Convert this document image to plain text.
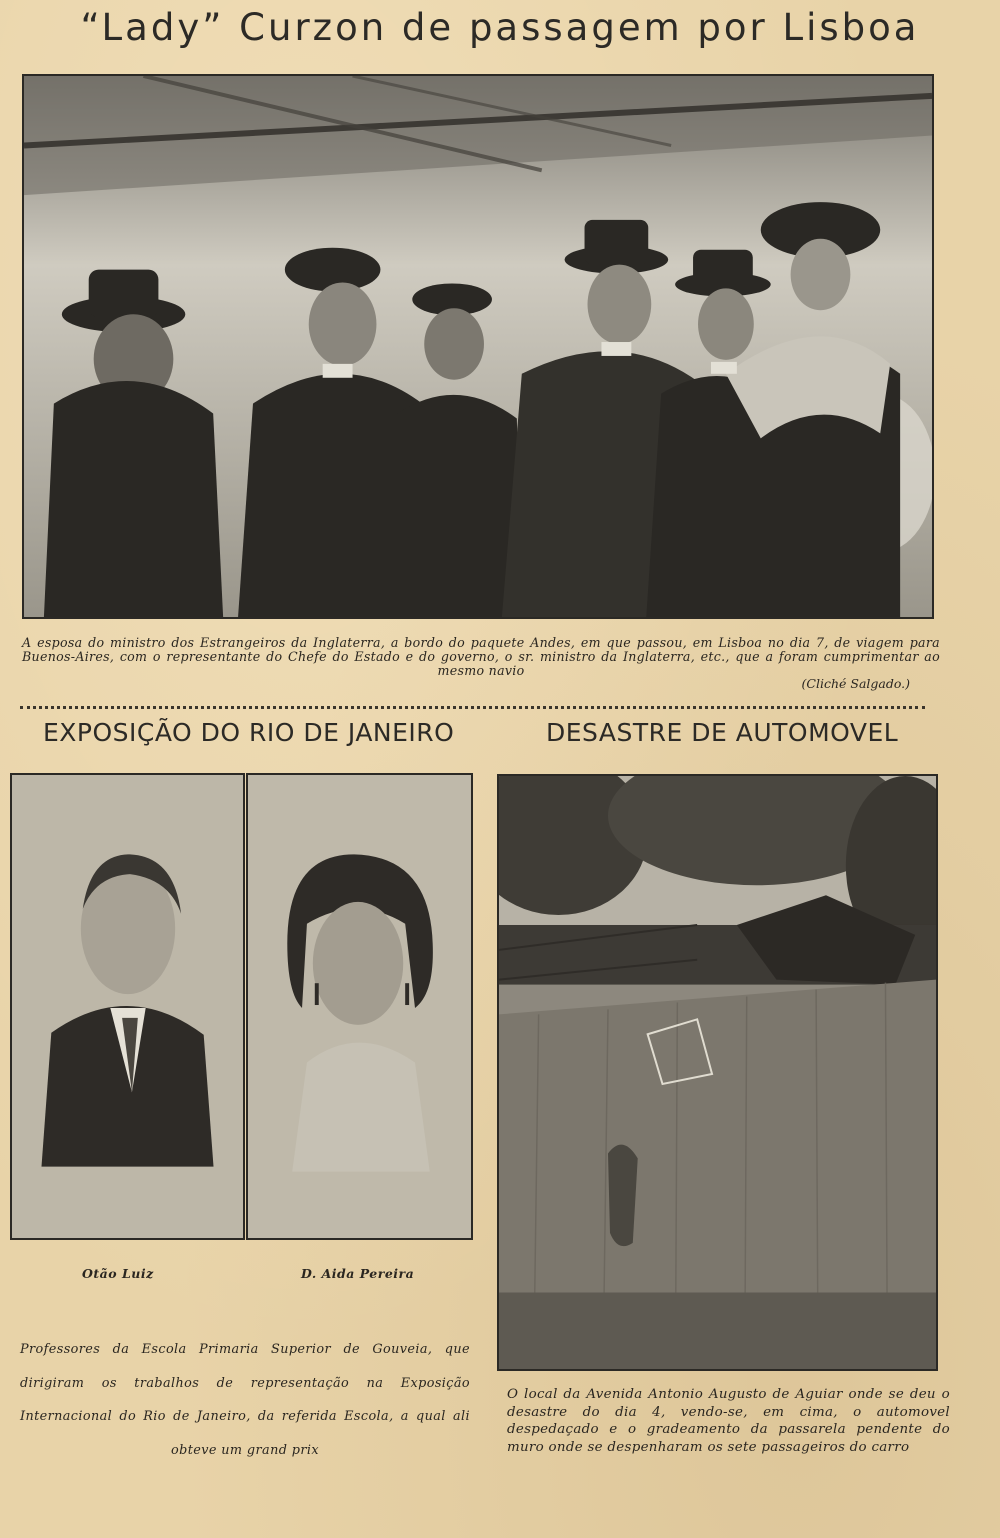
“Lady” Curzon de passagem por Lisboa
A esposa do ministro dos Estrangeiros da Inglaterra, a bordo do paquete Andes, em que passou, em Lisboa no dia 7, de viagem para Buenos-Aires, com o representante do Chefe do Estado e do governo, o sr. ministro da Inglaterra, etc., que a foram cumprimentar ao mesmo navio
(Cliché Salgado.)
EXPOSIÇÃO DO RIO DE JANEIRO	DESASTRE DE AUTOMOVEL
Otão Luiz	D. Aida Pereira
Professores da Escola Primaria Superior de Gouveia, que dirigiram os trabalhos de representação na Exposição Internacional do Rio de Janeiro, da referida Escola, a qual ali obteve um grand prix
O local da Avenida Antonio Augusto de Aguiar onde se deu o desastre do dia 4, vendo-se, em cima, o automovel despedaçado e o gradeamento da passarela pendente do muro onde se despenharam os sete passageiros do carro
